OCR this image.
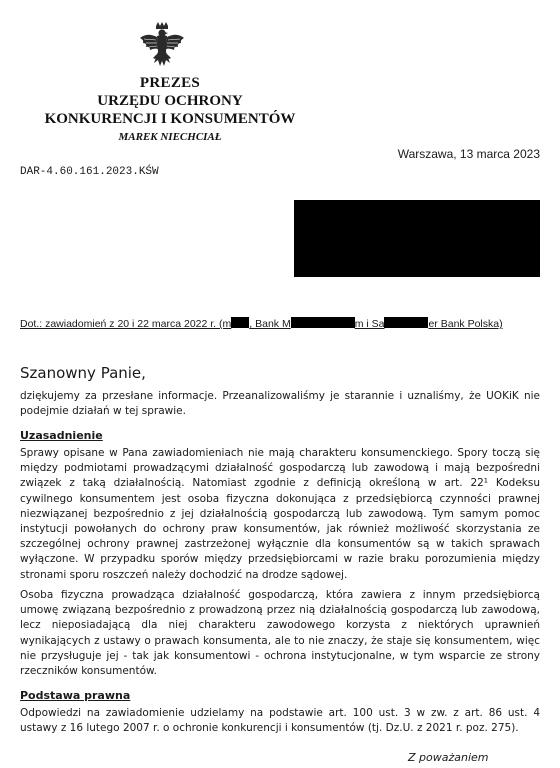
PREZES
URZĘDU OCHRONY
KONKURENCJI I KONSUMENTÓW
MAREK NIECHCIAŁ
Warszawa, 13 marca 2023
DAR-4.60.161.2023.KŚW
Dot.: zawiadomień z 20 i 22 marca 2022 r. (m , Bank M	m i Sa	er Bank Polska)
Szanowny Panie,

dziękujemy za przesłane informacje. Przeanalizowaliśmy je starannie i uznaliśmy, że UOKiK nie podejmie działań w tej sprawie.

Uzasadnienie

Sprawy opisane w Pana zawiadomieniach nie mają charakteru konsumenckiego. Spory toczą się między podmiotami prowadzącymi działalność gospodarczą lub zawodową i mają bezpośredni związek z taką działalnością. Natomiast zgodnie z definicją określoną w art. 22¹ Kodeksu cywilnego konsumentem jest osoba fizyczna dokonująca z przedsiębiorcą czynności prawnej niezwiązanej bezpośrednio z jej działalnością gospodarczą lub zawodową. Tym samym pomoc instytucji powołanych do ochrony praw konsumentów, jak również możliwość skorzystania ze szczególnej ochrony prawnej zastrzeżonej wyłącznie dla konsumentów są w takich sprawach wyłączone. W przypadku sporów między przedsiębiorcami w razie braku porozumienia między stronami sporu roszczeń należy dochodzić na drodze sądowej.

Osoba fizyczna prowadząca działalność gospodarczą, która zawiera z innym przedsiębiorcą umowę związaną bezpośrednio z prowadzoną przez nią działalnością gospodarczą lub zawodową, lecz nieposiadającą dla niej charakteru zawodowego korzysta z niektórych uprawnień wynikających z ustawy o prawach konsumenta, ale to nie znaczy, że staje się konsumentem, więc nie przysługuje jej - tak jak konsumentowi - ochrona instytucjonalne, w tym wsparcie ze strony rzeczników konsumentów.

Podstawa prawna

Odpowiedzi na zawiadomienie udzielamy na podstawie art. 100 ust. 3 w zw. z art. 86 ust. 4 ustawy z 16 lutego 2007 r. o ochronie konkurencji i konsumentów (tj. Dz.U. z 2021 r. poz. 275).

Z poważaniem
